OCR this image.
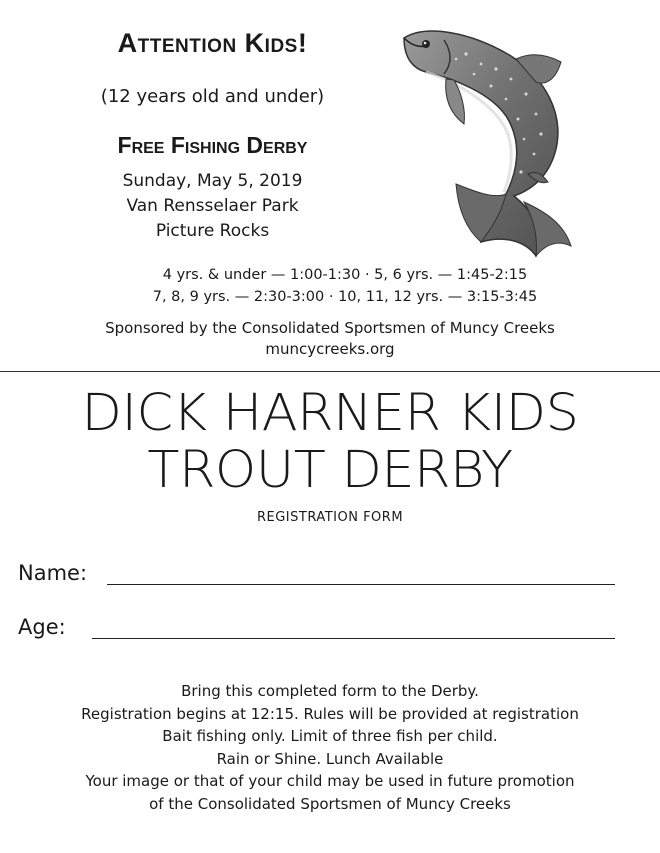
Attention Kids!
(12 years old and under)
Free Fishing Derby
Sunday, May 5, 2019
Van Rensselaer Park
Picture Rocks
4 yrs. & under — 1:00-1:30 · 5, 6 yrs. — 1:45-2:15
7, 8, 9 yrs. — 2:30-3:00 · 10, 11, 12 yrs. — 3:15-3:45
Sponsored by the Consolidated Sportsmen of Muncy Creeks
muncycreeks.org
DICK HARNER KIDS
TROUT DERBY
REGISTRATION FORM
Name:
Age:
Bring this completed form to the Derby.
Registration begins at 12:15. Rules will be provided at registration
Bait fishing only. Limit of three fish per child.
Rain or Shine. Lunch Available
Your image or that of your child may be used in future promotion
of the Consolidated Sportsmen of Muncy Creeks
